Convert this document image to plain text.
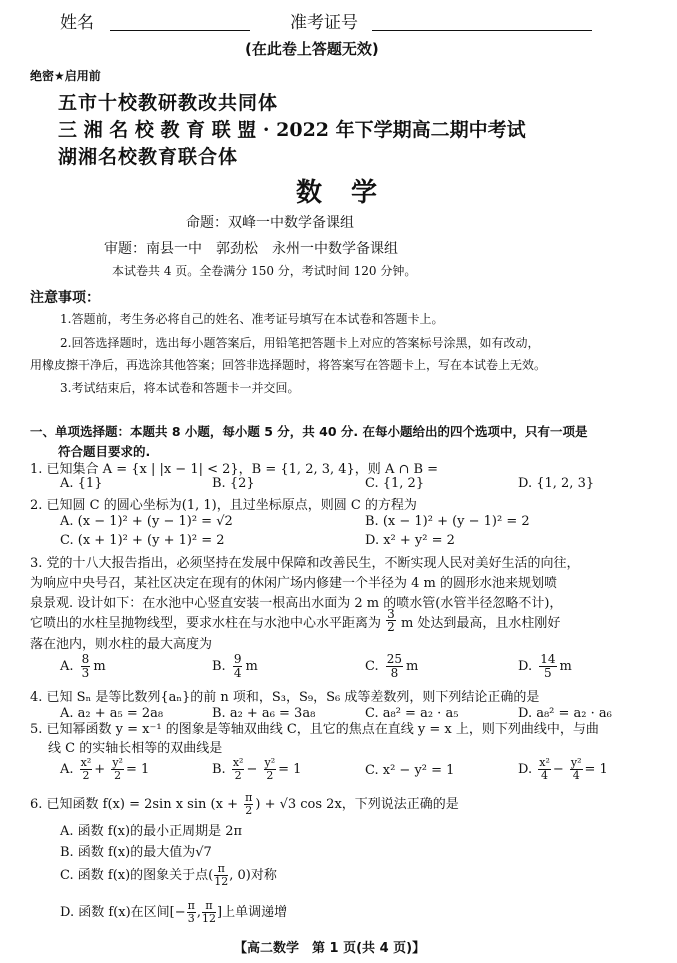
姓名	准考证号
(在此卷上答题无效)
绝密★启用前
五市十校教研教改共同体
三 湘 名 校 教 育 联 盟 · 2022 年下学期高二期中考试
湖湘名校教育联合体
数 学
命题：双峰一中数学备课组
审题：南县一中　郭劲松　永州一中数学备课组
本试卷共 4 页。全卷满分 150 分，考试时间 120 分钟。
注意事项：
1.答题前，考生务必将自己的姓名、准考证号填写在本试卷和答题卡上。
2.回答选择题时，选出每小题答案后，用铅笔把答题卡上对应的答案标号涂黑，如有改动，
用橡皮擦干净后，再选涂其他答案；回答非选择题时，将答案写在答题卡上，写在本试卷上无效。
3.考试结束后，将本试卷和答题卡一并交回。
一、单项选择题：本题共 8 小题，每小题 5 分，共 40 分. 在每小题给出的四个选项中，只有一项是
符合题目要求的.
1. 已知集合 A = {x | |x − 1| < 2}，B = {1, 2, 3, 4}，则 A ∩ B =
A. {1}	B. {2}	C. {1, 2}	D. {1, 2, 3}
2. 已知圆 C 的圆心坐标为(1, 1)，且过坐标原点，则圆 C 的方程为
A. (x − 1)² + (y − 1)² = √2	B. (x − 1)² + (y − 1)² = 2
C. (x + 1)² + (y + 1)² = 2	D. x² + y² = 2
3. 党的十八大报告指出，必须坚持在发展中保障和改善民生，不断实现人民对美好生活的向往，
为响应中央号召，某社区决定在现有的休闲广场内修建一个半径为 4 m 的圆形水池来规划喷
泉景观. 设计如下：在水池中心竖直安装一根高出水面为 2 m 的喷水管(水管半径忽略不计)，
它喷出的水柱呈抛物线型，要求水柱在与水池中心水平距离为 $\frac{3}{2}$ m 处达到最高，且水柱刚好
落在池内，则水柱的最大高度为
A. $\frac{8}{3}$ m	B. $\frac{9}{4}$ m	C. $\frac{25}{8}$ m	D. $\frac{14}{5}$ m
4. 已知 Sₙ 是等比数列{aₙ}的前 n 项和，S₃，S₉，S₆ 成等差数列，则下列结论正确的是
A. a₂ + a₅ = 2a₈	B. a₂ + a₆ = 3a₈	C. a₈² = a₂ · a₅	D. a₈² = a₂ · a₆
5. 已知幂函数 y = x⁻¹ 的图象是等轴双曲线 C，且它的焦点在直线 y = x 上，则下列曲线中，与曲
线 C 的实轴长相等的双曲线是
A. $\frac{\text{x²}}{2} + \frac{\text{y²}}{2} = 1$	B. $\frac{\text{x²}}{2} - \frac{\text{y²}}{2} = 1$	C. x² − y² = 1	D. $\frac{\text{x²}}{4} - \frac{\text{y²}}{4} = 1$
6. 已知函数 f(x) = 2sin x $\sin (x + \frac{\pi}{2}$ ) + √3 cos 2x，下列说法正确的是
A. 函数 f(x)的最小正周期是 2π
B. 函数 f(x)的最大值为√7
C. 函数 f(x)的图象关于点( $\frac{\pi}{12}$ , 0)对称
D. 函数 f(x)在区间[− $\frac{\pi}{3}$ , $\frac{\pi}{12}$ ]上单调递增
【高二数学　第 1 页(共 4 页)】
